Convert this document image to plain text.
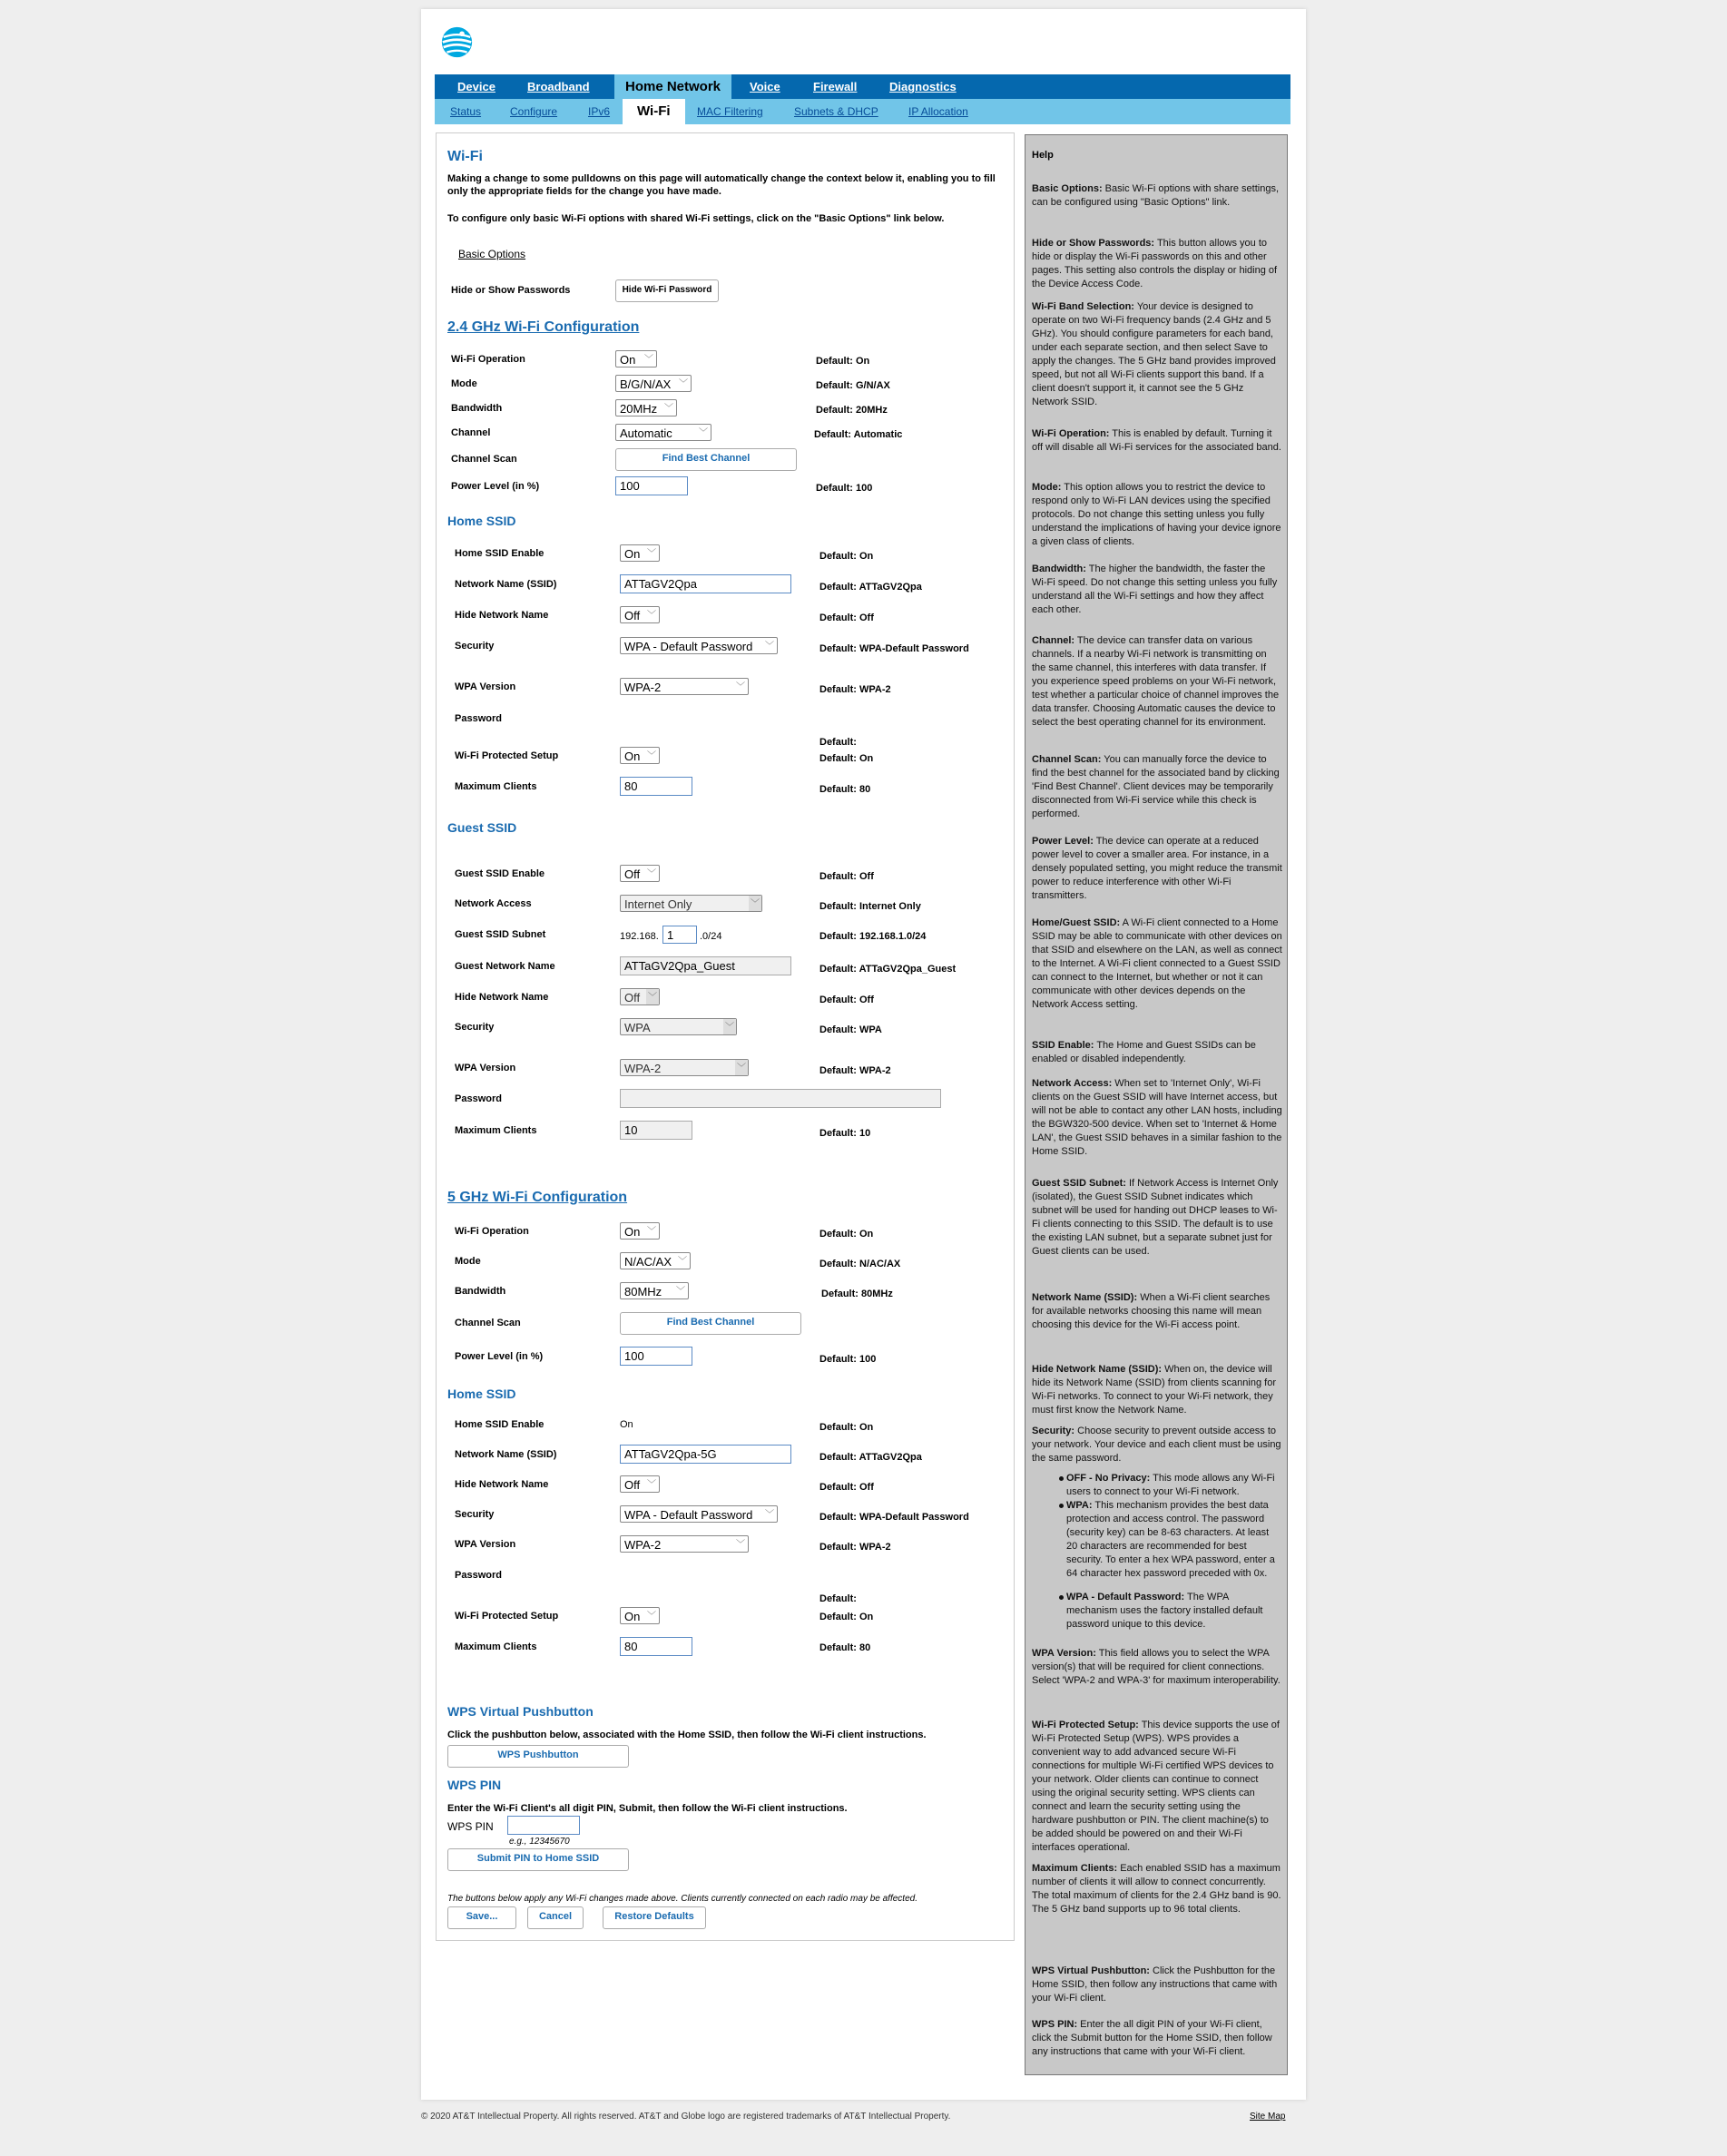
Device	Broadband	Home Network	Voice	Firewall	Diagnostics
Status	Configure	IPv6	Wi-Fi	MAC Filtering	Subnets & DHCP	IP Allocation
Wi-Fi
Making a change to some pulldowns on this page will automatically change the context below it, enabling you to fill only the appropriate fields for the change you have made.
To configure only basic Wi-Fi options with shared Wi-Fi settings, click on the "Basic Options" link below.
Basic Options
Hide or Show Passwords	Hide Wi-Fi Password
2.4 GHz Wi-Fi Configuration
Wi-Fi Operation	On ﹀	Default: On
Mode	B/G/N/AX ﹀	Default: G/N/AX
Bandwidth	20MHz ﹀	Default: 20MHz
Channel	Automatic	﹀	Default: Automatic
Channel Scan	Find Best Channel
Power Level (in %)	100	Default: 100
Home SSID
Home SSID Enable	On ﹀	Default: On
Network Name (SSID)	ATTaGV2Qpa	Default: ATTaGV2Qpa
Hide Network Name	Off ﹀	Default: Off
Security	WPA - Default Password ﹀	Default: WPA-Default Password
WPA Version	WPA-2	﹀	Default: WPA-2
Password
Default:
Wi-Fi Protected Setup	On ﹀	Default: On
Maximum Clients	80	Default: 80
Guest SSID
Guest SSID Enable	Off ﹀	Default: Off
Network Access	Internet Only	﹀	Default: Internet Only
Guest SSID Subnet	192.168. 1	.0/24	Default: 192.168.1.0/24
Guest Network Name	ATTaGV2Qpa_Guest	Default: ATTaGV2Qpa_Guest
Hide Network Name	Off ﹀	Default: Off
Security	WPA	﹀	Default: WPA
WPA Version	WPA-2	﹀	Default: WPA-2
Password
Maximum Clients	10	Default: 10
5 GHz Wi-Fi Configuration
Wi-Fi Operation	On ﹀	Default: On
Mode	N/AC/AX ﹀	Default: N/AC/AX
Bandwidth	80MHz ﹀	Default: 80MHz
Channel Scan	Find Best Channel
Power Level (in %)	100	Default: 100
Home SSID
Home SSID Enable	On	Default: On
Network Name (SSID)	ATTaGV2Qpa-5G	Default: ATTaGV2Qpa
Hide Network Name	Off ﹀	Default: Off
Security	WPA - Default Password ﹀	Default: WPA-Default Password
WPA Version	WPA-2	﹀	Default: WPA-2
Password
Default:
Wi-Fi Protected Setup	On ﹀	Default: On
Maximum Clients	80	Default: 80
WPS Virtual Pushbutton
Click the pushbutton below, associated with the Home SSID, then follow the Wi-Fi client instructions.
WPS Pushbutton
WPS PIN
Enter the Wi-Fi Client's all digit PIN, Submit, then follow the Wi-Fi client instructions.
WPS PIN
e.g., 12345670
Submit PIN to Home SSID
The buttons below apply any Wi-Fi changes made above. Clients currently connected on each radio may be affected.
Save...	Cancel	Restore Defaults
Help
Basic Options: Basic Wi-Fi options with share settings, can be configured using "Basic Options" link.
Hide or Show Passwords: This button allows you to hide or display the Wi-Fi passwords on this and other pages. This setting also controls the display or hiding of the Device Access Code.
Wi-Fi Band Selection: Your device is designed to operate on two Wi-Fi frequency bands (2.4 GHz and 5 GHz). You should configure parameters for each band, under each separate section, and then select Save to apply the changes. The 5 GHz band provides improved speed, but not all Wi-Fi clients support this band. If a client doesn't support it, it cannot see the 5 GHz Network SSID.
Wi-Fi Operation: This is enabled by default. Turning it off will disable all Wi-Fi services for the associated band.
Mode: This option allows you to restrict the device to respond only to Wi-Fi LAN devices using the specified protocols. Do not change this setting unless you fully understand the implications of having your device ignore a given class of clients.
Bandwidth: The higher the bandwidth, the faster the Wi-Fi speed. Do not change this setting unless you fully understand all the Wi-Fi settings and how they affect each other.
Channel: The device can transfer data on various channels. If a nearby Wi-Fi network is transmitting on the same channel, this interferes with data transfer. If you experience speed problems on your Wi-Fi network, test whether a particular choice of channel improves the data transfer. Choosing Automatic causes the device to select the best operating channel for its environment.
Channel Scan: You can manually force the device to find the best channel for the associated band by clicking 'Find Best Channel'. Client devices may be temporarily disconnected from Wi-Fi service while this check is performed.
Power Level: The device can operate at a reduced power level to cover a smaller area. For instance, in a densely populated setting, you might reduce the transmit power to reduce interference with other Wi-Fi transmitters.
Home/Guest SSID: A Wi-Fi client connected to a Home SSID may be able to communicate with other devices on that SSID and elsewhere on the LAN, as well as connect to the Internet. A Wi-Fi client connected to a Guest SSID can connect to the Internet, but whether or not it can communicate with other devices depends on the Network Access setting.
SSID Enable: The Home and Guest SSIDs can be enabled or disabled independently.
Network Access: When set to 'Internet Only', Wi-Fi clients on the Guest SSID will have Internet access, but will not be able to contact any other LAN hosts, including the BGW320-500 device. When set to 'Internet & Home LAN', the Guest SSID behaves in a similar fashion to the Home SSID.
Guest SSID Subnet: If Network Access is Internet Only (isolated), the Guest SSID Subnet indicates which subnet will be used for handing out DHCP leases to Wi-Fi clients connecting to this SSID. The default is to use the existing LAN subnet, but a separate subnet just for Guest clients can be used.
Network Name (SSID): When a Wi-Fi client searches for available networks choosing this name will mean choosing this device for the Wi-Fi access point.
Hide Network Name (SSID): When on, the device will hide its Network Name (SSID) from clients scanning for Wi-Fi networks. To connect to your Wi-Fi network, they must first know the Network Name.
Security: Choose security to prevent outside access to your network. Your device and each client must be using the same password.
OFF - No Privacy: This mode allows any Wi-Fi users to connect to your Wi-Fi network.
WPA: This mechanism provides the best data protection and access control. The password (security key) can be 8-63 characters. At least 20 characters are recommended for best security. To enter a hex WPA password, enter a 64 character hex password preceded with 0x.
WPA - Default Password: The WPA mechanism uses the factory installed default password unique to this device.
WPA Version: This field allows you to select the WPA version(s) that will be required for client connections. Select 'WPA-2 and WPA-3' for maximum interoperability.
Wi-Fi Protected Setup: This device supports the use of Wi-Fi Protected Setup (WPS). WPS provides a convenient way to add advanced secure Wi-Fi connections for multiple Wi-Fi certified WPS devices to your network. Older clients can continue to connect using the original security setting. WPS clients can connect and learn the security setting using the hardware pushbutton or PIN. The client machine(s) to be added should be powered on and their Wi-Fi interfaces operational.
Maximum Clients: Each enabled SSID has a maximum number of clients it will allow to connect concurrently. The total maximum of clients for the 2.4 GHz band is 90. The 5 GHz band supports up to 96 total clients.
WPS Virtual Pushbutton: Click the Pushbutton for the Home SSID, then follow any instructions that came with your Wi-Fi client.
WPS PIN: Enter the all digit PIN of your Wi-Fi client, click the Submit button for the Home SSID, then follow any instructions that came with your Wi-Fi client.
© 2020 AT&T Intellectual Property. All rights reserved. AT&T and Globe logo are registered trademarks of AT&T Intellectual Property.	Site Map
